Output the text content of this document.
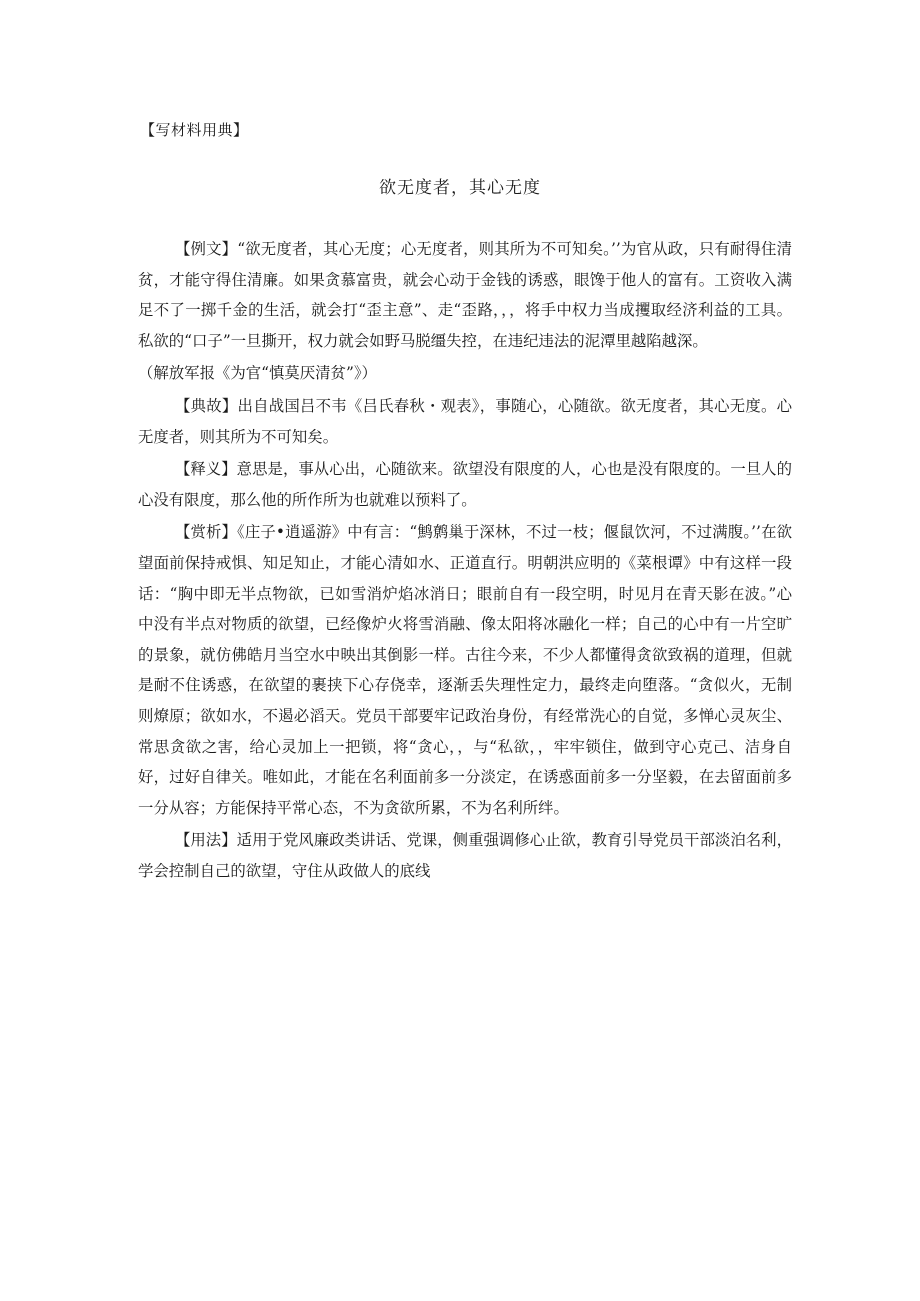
【写材料用典】
欲无度者，其心无度

【例文】“欲无度者，其心无度；心无度者，则其所为不可知矣。’’为官从政，只有耐得住清贫，才能守得住清廉。如果贪慕富贵，就会心动于金钱的诱惑，眼馋于他人的富有。工资收入满足不了一掷千金的生活，就会打“歪主意”、走“歪路，，，将手中权力当成攫取经济利益的工具。私欲的“口子”一旦撕开，权力就会如野马脱缰失控，在违纪违法的泥潭里越陷越深。

（解放军报《为官“慎莫厌清贫”》）

【典故】出自战国吕不韦《吕氏春秋・观表》，事随心，心随欲。欲无度者，其心无度。心无度者，则其所为不可知矣。

【释义】意思是，事从心出，心随欲来。欲望没有限度的人，心也是没有限度的。一旦人的心没有限度，那么他的所作所为也就难以预料了。

【赏析】《庄子•逍遥游》中有言：“鹪鹩巢于深林，不过一枝；偃鼠饮河，不过满腹。’’在欲望面前保持戒惧、知足知止，才能心清如水、正道直行。明朝洪应明的《菜根谭》中有这样一段话：“胸中即无半点物欲，已如雪消炉焰冰消日；眼前自有一段空明，时见月在青天影在波。”心中没有半点对物质的欲望，已经像炉火将雪消融、像太阳将冰融化一样；自己的心中有一片空旷的景象，就仿佛皓月当空水中映出其倒影一样。古往今来，不少人都懂得贪欲致祸的道理，但就是耐不住诱惑，在欲望的裹挟下心存侥幸，逐渐丢失理性定力，最终走向堕落。“贪似火，无制则燎原；欲如水，不遏必滔天。党员干部要牢记政治身份，有经常洗心的自觉，多惮心灵灰尘、常思贪欲之害，给心灵加上一把锁，将“贪心，，与“私欲，，牢牢锁住，做到守心克己、洁身自好，过好自律关。唯如此，才能在名利面前多一分淡定，在诱惑面前多一分坚毅，在去留面前多一分从容；方能保持平常心态，不为贪欲所累，不为名利所绊。

【用法】适用于党风廉政类讲话、党课，侧重强调修心止欲，教育引导党员干部淡泊名利，学会控制自己的欲望，守住从政做人的底线
